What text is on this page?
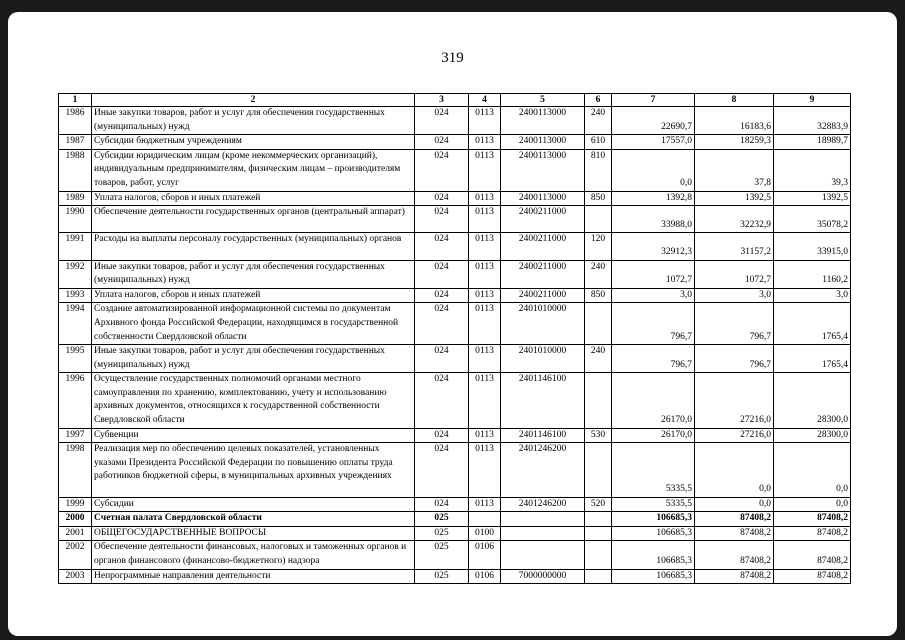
319
1	2	3	4	5	6	7	8	9
1986	Иные закупки товаров, работ и услуг для обеспечения государственных (муниципальных) нужд	024	0113	2400113000	240	22690,7	16183,6	32883,9
1987	Субсидии бюджетным учреждениям	024	0113	2400113000	610	17557,0	18259,3	18989,7
1988	Субсидии юридическим лицам (кроме некоммерческих организаций), индивидуальным предпринимателям, физическим лицам – производителям товаров, работ, услуг	024	0113	2400113000	810	0,0	37,8	39,3
1989	Уплата налогов, сборов и иных платежей	024	0113	2400113000	850	1392,8	1392,5	1392,5
1990	Обеспечение деятельности государственных органов (центральный аппарат)	024	0113	2400211000		33988,0	32232,9	35078,2
1991	Расходы на выплаты персоналу государственных (муниципальных) органов	024	0113	2400211000	120	32912,3	31157,2	33915,0
1992	Иные закупки товаров, работ и услуг для обеспечения государственных (муниципальных) нужд	024	0113	2400211000	240	1072,7	1072,7	1160,2
1993	Уплата налогов, сборов и иных платежей	024	0113	2400211000	850	3,0	3,0	3,0
1994	Создание автоматизированной информационной системы по документам Архивного фонда Российской Федерации, находящимся в государственной собственности Свердловской области	024	0113	2401010000		796,7	796,7	1765,4
1995	Иные закупки товаров, работ и услуг для обеспечения государственных (муниципальных) нужд	024	0113	2401010000	240	796,7	796,7	1765,4
1996	Осуществление государственных полномочий органами местного самоуправления по хранению, комплектованию, учету и использованию архивных документов, относящихся к государственной собственности Свердловской области	024	0113	2401146100		26170,0	27216,0	28300,0
1997	Субвенции	024	0113	2401146100	530	26170,0	27216,0	28300,0
1998	Реализация мер по обеспечению целевых показателей, установленных указами Президента Российской Федерации по повышению оплаты труда работников бюджетной сферы, в муниципальных архивных учреждениях	024	0113	2401246200		5335,5	0,0	0,0
1999	Субсидии	024	0113	2401246200	520	5335,5	0,0	0,0
2000	Счетная палата Свердловской области	025				106685,3	87408,2	87408,2
2001	ОБЩЕГОСУДАРСТВЕННЫЕ ВОПРОСЫ	025	0100			106685,3	87408,2	87408,2
2002	Обеспечение деятельности финансовых, налоговых и таможенных органов и органов финансового (финансово-бюджетного) надзора	025	0106			106685,3	87408,2	87408,2
2003	Непрограммные направления деятельности	025	0106	7000000000		106685,3	87408,2	87408,2
